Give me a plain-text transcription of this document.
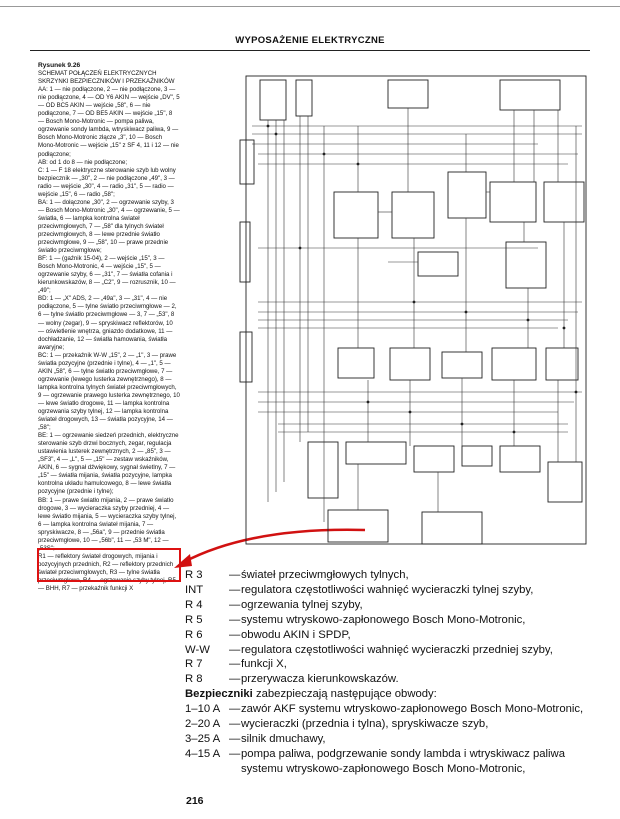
WYPOSAŻENIE ELEKTRYCZNE

Rysunek 9.26

SCHEMAT POŁĄCZEŃ ELEKTRYCZNYCH SKRZYNKI BEZPIECZNIKÓW I PRZEKAŹNIKÓW

AA: 1 — nie podłączone, 2 — nie podłączone, 3 — nie podłączone, 4 — OD Y6 AKIN — wejście „DV", 5 — OD BC5 AKIN — wejście „58", 6 — nie podłączone, 7 — OD BE5 AKIN — wejście „15", 8 — Bosch Mono-Motronic — pompa paliwa, ogrzewanie sondy lambda, wtryskiwacz paliwa, 9 — Bosch Mono-Motronic złącze „3", 10 — Bosch Mono-Motronic — wejście „15" z SF 4, 11 i 12 — nie podłączone;

AB: od 1 do 8 — nie podłączone;

C: 1 — F 18 elektryczne sterowanie szyb lub wolny bezpiecznik — „30", 2 — nie podłączone „49", 3 — radio — wejście „30", 4 — radio „31", 5 — radio — wejście „15", 6 — radio „58";

BA: 1 — dołączone „30", 2 — ogrzewanie szyby, 3 — Bosch Mono-Motronic „30", 4 — ogrzewanie, 5 — światła, 6 — lampka kontrolna świateł przeciwmgłowych, 7 — „58" dla tylnych świateł przeciwmgłowych, 8 — lewe przednie światło przeciwmgłowe, 9 — „58", 10 — prawe przednie światło przeciwmgłowe;

BF: 1 — (gaźnik 15-04), 2 — wejście „15", 3 — Bosch Mono-Motronic, 4 — wejście „15", 5 — ogrzewanie szyby, 6 — „31", 7 — światła cofania i kierunkowskazów, 8 — „C2", 9 — rozrusznik, 10 — „49";

BD: 1 — „X" ADS, 2 — „49a", 3 — „31", 4 — nie podłączone, 5 — tylne światło przeciwmgłowe — 2, 6 — tylne światło przeciwmgłowe — 3, 7 — „53", 8 — wolny (zegar), 9 — spryskiwacz reflektorów, 10 — oświetlenie wnętrza, gniazdo dodatkowe, 11 — dochładzanie, 12 — światła hamowania, światła awaryjne;

BC: 1 — przekaźnik W-W „15", 2 — „1", 3 — prawe światła pozycyjne (przednie i tylne), 4 — „1", 5 — AKIN „58", 6 — tylne światło przeciwmgłowe, 7 — ogrzewanie (lewego lusterka zewnętrznego), 8 — lampka kontrolna tylnych świateł przeciwmgłowych, 9 — ogrzewanie prawego lusterka zewnętrznego, 10 — lewe światło drogowe, 11 — lampka kontrolna ogrzewania szyby tylnej, 12 — lampka kontrolna świateł drogowych, 13 — światła pozycyjne, 14 — „58";

BE: 1 — ogrzewanie siedzeń przednich, elektryczne sterowanie szyb drzwi bocznych, zegar, regulacja ustawienia lusterek zewnętrznych, 2 — „85", 3 — „SF3", 4 — „L", 5 — „15" — zestaw wskaźników, AKIN, 6 — sygnał dźwiękowy, sygnał świetlny, 7 — „15" — światła mijania, światła pozycyjne, lampka kontrolna układu hamulcowego, 8 — lewe światła pozycyjne (przednie i tylne);

BB: 1 — prawe światło mijania, 2 — prawe światło drogowe, 3 — wycieraczka szyby przedniej, 4 — lewe światło mijania, 5 — wycieraczka szyby tylnej, 6 — lampka kontrolna świateł mijania, 7 — spryskiwacze, 8 — „56a", 9 — przednie światła przeciwmgłowe, 10 — „56b", 11 — „53 M", 12 — „53S";

R1 — reflektory świateł drogowych, mijania i pozycyjnych przednich, R2 — reflektory przednich świateł przeciwmgłowych, R3 — tylne światła przeciwmgłowe, R4 — ogrzewanie szyby tylnej, R5 — BHH, R7 — przekaźnik funkcji X

R 3	— świateł przeciwmgłowych tylnych,
INT	— regulatora częstotliwości wahnięć wycieraczki tylnej szyby,
R 4	— ogrzewania tylnej szyby,
R 5	— systemu wtryskowo-zapłonowego Bosch Mono-Motronic,
R 6	— obwodu AKIN i SPDP,
W-W	— regulatora częstotliwości wahnięć wycieraczki przedniej szyby,
R 7	— funkcji X,
R 8	— przerywacza kierunkowskazów.
Bezpieczniki zabezpieczają następujące obwody:
1–10 A — zawór AKF systemu wtryskowo-zapłonowego Bosch Mono-Motronic,
2–20 A — wycieraczki (przednia i tylna), spryskiwacze szyb,
3–25 A — silnik dmuchawy,
4–15 A — pompa paliwa, podgrzewanie sondy lambda i wtryskiwacz paliwa systemu wtryskowo-zapłonowego Bosch Mono-Motronic,
216
